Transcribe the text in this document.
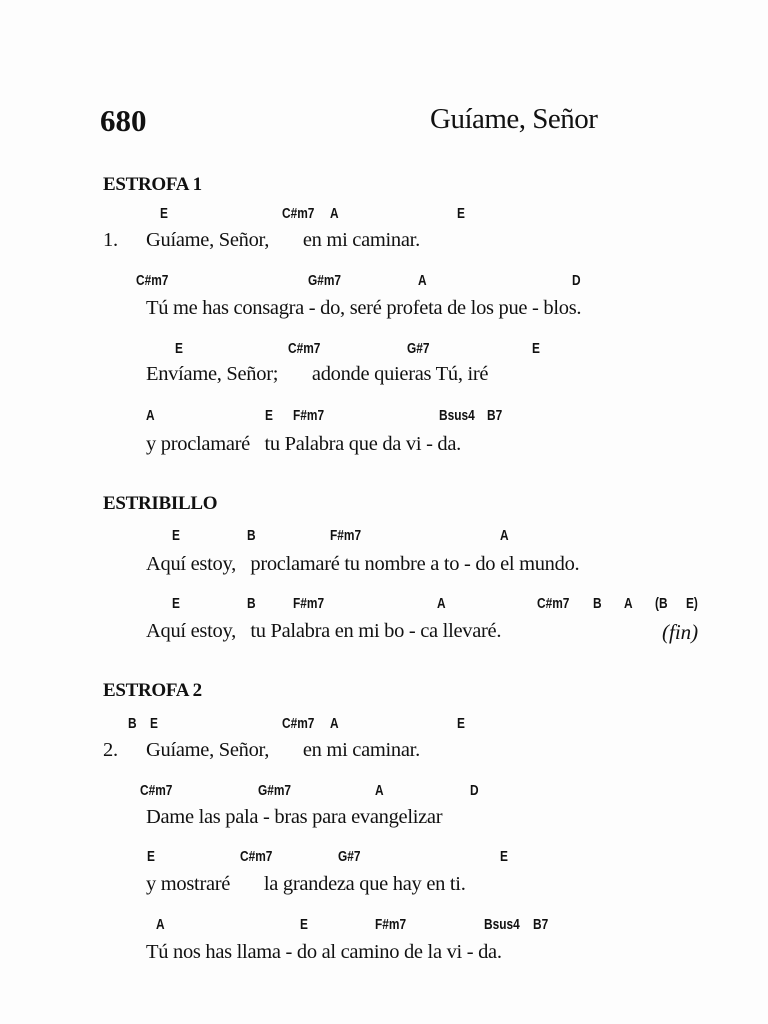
680	Guíame, Señor
ESTROFA 1
E	C#m7 A	E
1. Guíame, Señor,       en mi caminar.
C#m7	G#m7	A	D
Tú me has consagra - do, seré profeta de los pue - blos.
E	C#m7	G#7	E
Envíame, Señor;       adonde quieras Tú, iré
A	E F#m7	Bsus4 B7
y proclamaré   tu Palabra que da vi - da.
ESTRIBILLO
E	B	F#m7	A
Aquí estoy,   proclamaré tu nombre a to - do el mundo.
E	B	F#m7	A	C#m7 B A (B E)
Aquí estoy,   tu Palabra en mi bo - ca llevaré.	(fin)
ESTROFA 2
B E	C#m7 A	E
2. Guíame, Señor,       en mi caminar.
C#m7	G#m7	A	D
Dame las pala - bras para evangelizar
E	C#m7	G#7	E
y mostraré       la grandeza que hay en ti.
A	E	F#m7	Bsus4 B7
Tú nos has llama - do al camino de la vi - da.
